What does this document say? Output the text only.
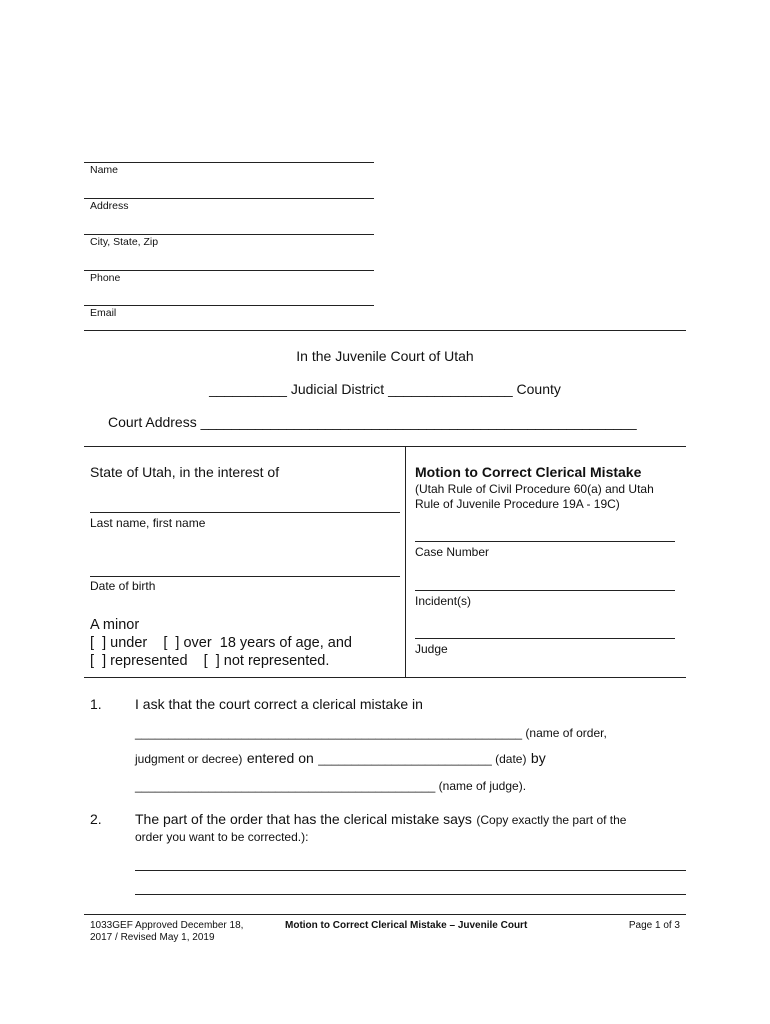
Name
Address
City, State, Zip
Phone
Email
In the Juvenile Court of Utah
__________ Judicial District ________________ County
Court Address ________________________________________________________
State of Utah, in the interest of
Last name, first name
Date of birth
A minor
[  ] under    [  ] over  18 years of age, and
[  ] represented    [  ] not represented.
Motion to Correct Clerical Mistake
(Utah Rule of Civil Procedure 60(a) and Utah
Rule of Juvenile Procedure 19A - 19C)
Case Number
Incident(s)
Judge
1. I ask that the court correct a clerical mistake in
__________________________________________________________ (name of order,
judgment or decree) entered on __________________________ (date) by
_____________________________________________ (name of judge).
2. The part of the order that has the clerical mistake says (Copy exactly the part of the
order you want to be corrected.):
1033GEF Approved December 18,
2017 / Revised May 1, 2019
Motion to Correct Clerical Mistake – Juvenile Court	Page 1 of 3
